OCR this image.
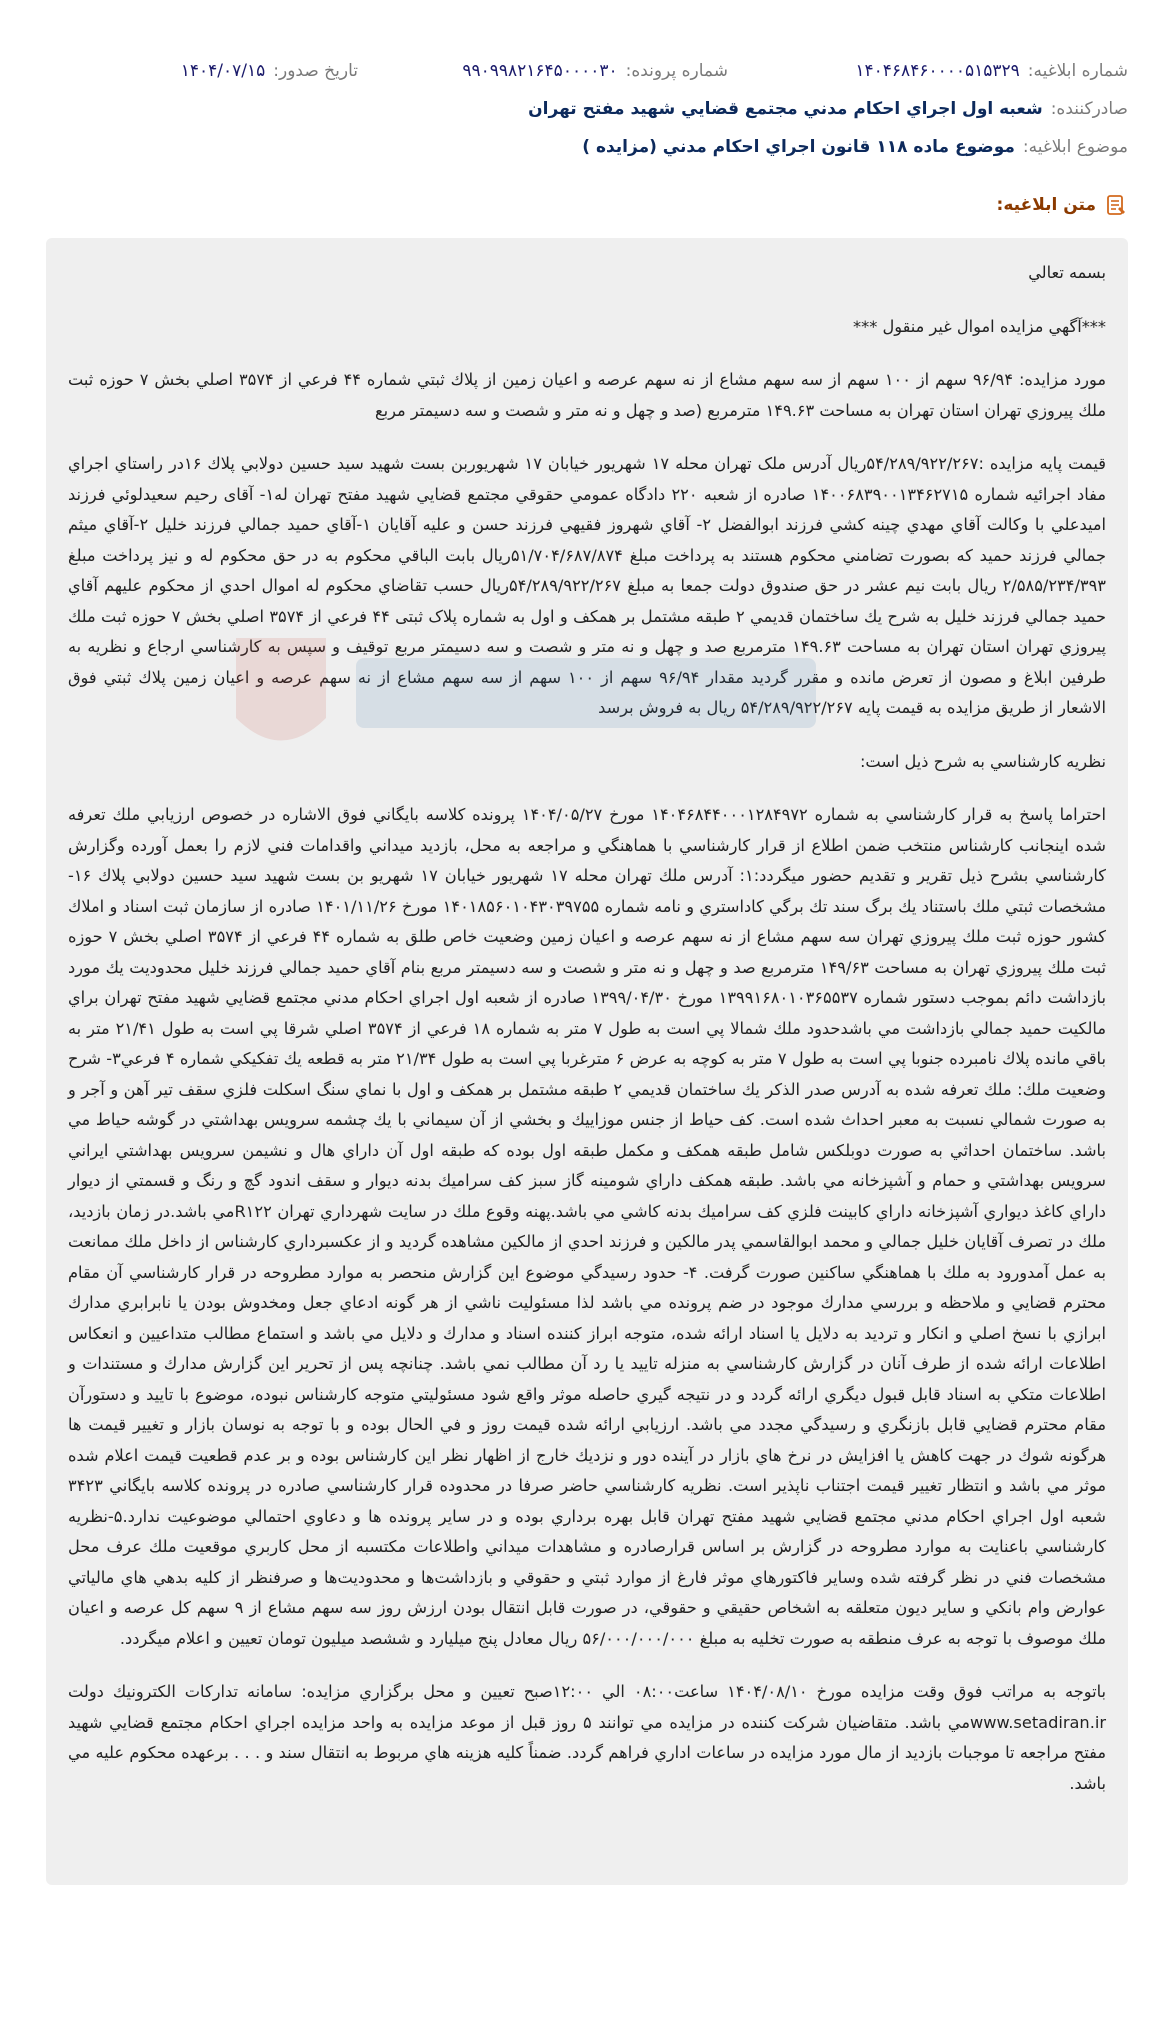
شماره ابلاغيه:
۱۴۰۴۶۸۴۶۰۰۰۰۵۱۵۳۲۹
شماره پرونده:
۹۹۰۹۹۸۲۱۶۴۵۰۰۰۰۳۰
تاريخ صدور:
۱۴۰۴/۰۷/۱۵
صادرکننده:
شعبه اول اجراي احكام مدني مجتمع قضايي شهيد مفتح تهران
موضوع ابلاغيه:
موضوع ماده ۱۱۸ قانون اجراي احكام مدني (مزايده )
متن ابلاغيه:

بسمه تعالي

***آگهي مزايده اموال غير منقول ***

مورد مزايده: ۹۶/۹۴ سهم از ۱۰۰ سهم از سه سهم مشاع از نه سهم عرصه و اعيان زمين از پلاك ثبتي شماره ۴۴ فرعي از ۳۵۷۴ اصلي بخش ۷ حوزه ثبت ملك پيروزي تهران استان تهران به مساحت ۱۴۹.۶۳ مترمربع (صد و چهل و نه متر و شصت و سه دسيمتر مربع

قيمت پايه مزايده :۵۴/۲۸۹/۹۲۲/۲۶۷ريال آدرس ملک تهران محله ۱۷ شهريور خيابان ۱۷ شهريوربن بست شهيد سيد حسين دولابي پلاك ۱۶در راستاي اجراي مفاد اجرائيه شماره ۱۴۰۰۶۸۳۹۰۰۱۳۴۶۲۷۱۵ صادره از شعبه ۲۲۰ دادگاه عمومي حقوقي مجتمع قضايي شهيد مفتح تهران له۱- آقای رحيم سعيدلوئي فرزند اميدعلي با وكالت آقاي مهدي چينه كشي فرزند ابوالفضل ۲- آقاي شهروز فقيهي فرزند حسن و عليه آقايان ۱-آقاي حميد جمالي فرزند خليل ۲-آقاي ميثم جمالي فرزند حميد كه بصورت تضامني محكوم هستند به پرداخت مبلغ ۵۱/۷۰۴/۶۸۷/۸۷۴ريال بابت الباقي محكوم به در حق محكوم له و نيز پرداخت مبلغ ۲/۵۸۵/۲۳۴/۳۹۳ ريال بابت نيم عشر در حق صندوق دولت جمعا به مبلغ ۵۴/۲۸۹/۹۲۲/۲۶۷ريال حسب تقاضاي محكوم له اموال احدي از محكوم عليهم آقاي حميد جمالي فرزند خليل به شرح يك ساختمان قديمي ۲ طبقه مشتمل بر همكف و اول به شماره پلاک ثبتی ۴۴ فرعي از ۳۵۷۴ اصلي بخش ۷ حوزه ثبت ملك پيروزي تهران استان تهران به مساحت ۱۴۹.۶۳ مترمربع صد و چهل و نه متر و شصت و سه دسيمتر مربع توقيف و سپس به كارشناسي ارجاع و نظريه به طرفين ابلاغ و مصون از تعرض مانده و مقرر گرديد مقدار ۹۶/۹۴ سهم از ۱۰۰ سهم از سه سهم مشاع از نه سهم عرصه و اعيان زمين پلاك ثبتي فوق الاشعار از طريق مزايده به قيمت پايه ۵۴/۲۸۹/۹۲۲/۲۶۷ ريال به فروش برسد

نظريه كارشناسي به شرح ذيل است:

احتراما پاسخ به قرار كارشناسي به شماره ۱۴۰۴۶۸۴۴۰۰۰۱۲۸۴۹۷۲ مورخ ۱۴۰۴/۰۵/۲۷ پرونده كلاسه بايگاني فوق الاشاره در خصوص ارزيابي ملك تعرفه شده اينجانب كارشناس منتخب ضمن اطلاع از قرار كارشناسي با هماهنگي و مراجعه به محل، بازديد ميداني واقدامات فني لازم را بعمل آورده وگزارش كارشناسي بشرح ذيل تقرير و تقديم حضور ميگردد:۱: آدرس ملك تهران محله ۱۷ شهريور خيابان ۱۷ شهريو بن بست شهيد سيد حسين دولابي پلاك ۱۶- مشخصات ثبتي ملك باستناد يك برگ سند تك برگي كاداستري و نامه شماره ۱۴۰۱۸۵۶۰۱۰۴۳۰۳۹۷۵۵ مورخ ۱۴۰۱/۱۱/۲۶ صادره از سازمان ثبت اسناد و املاك كشور حوزه ثبت ملك پيروزي تهران سه سهم مشاع از نه سهم عرصه و اعيان زمين وضعيت خاص طلق به شماره ۴۴ فرعي از ۳۵۷۴ اصلي بخش ۷ حوزه ثبت ملك پيروزي تهران به مساحت ۱۴۹/۶۳ مترمربع صد و چهل و نه متر و شصت و سه دسيمتر مربع بنام آقاي حميد جمالي فرزند خليل محدوديت يك مورد بازداشت دائم بموجب دستور شماره ۱۳۹۹۱۶۸۰۱۰۳۶۵۵۳۷ مورخ ۱۳۹۹/۰۴/۳۰ صادره از شعبه اول اجراي احكام مدني مجتمع قضايي شهيد مفتح تهران براي مالكيت حميد جمالي بازداشت مي باشدحدود ملك شمالا پي است به طول ۷ متر به شماره ۱۸ فرعي از ۳۵۷۴ اصلي شرقا پي است به طول ۲۱/۴۱ متر به باقي مانده پلاك نامبرده جنوبا پي است به طول ۷ متر به كوچه به عرض ۶ مترغربا پي است به طول ۲۱/۳۴ متر به قطعه يك تفكيكي شماره ۴ فرعي۳- شرح وضعيت ملك: ملك تعرفه شده به آدرس صدر الذكر يك ساختمان قديمي ۲ طبقه مشتمل بر همكف و اول با نماي سنگ اسكلت فلزي سقف تير آهن و آجر و به صورت شمالي نسبت به معبر احداث شده است. كف حياط از جنس موزاييك و بخشي از آن سيماني با يك چشمه سرويس بهداشتي در گوشه حياط مي باشد. ساختمان احداثي به صورت دوبلكس شامل طبقه همكف و مكمل طبقه اول بوده كه طبقه اول آن داراي هال و نشيمن سرويس بهداشتي ايراني سرويس بهداشتي و حمام و آشپزخانه مي باشد. طبقه همكف داراي شومينه گاز سبز كف سراميك بدنه ديوار و سقف اندود گچ و رنگ و قسمتي از ديوار داراي كاغذ ديواري آشپزخانه داراي كابينت فلزي كف سراميك بدنه كاشي مي باشد.پهنه وقوع ملك در سايت شهرداري تهران R۱۲۲مي باشد.در زمان بازديد، ملك در تصرف آقايان خليل جمالي و محمد ابوالقاسمي پدر مالكين و فرزند احدي از مالكين مشاهده گرديد و از عكسبرداري كارشناس از داخل ملك ممانعت به عمل آمدورود به ملك با هماهنگي ساكنين صورت گرفت. ۴- حدود رسيدگي موضوع اين گزارش منحصر به موارد مطروحه در قرار كارشناسي آن مقام محترم قضايي و ملاحظه و بررسي مدارك موجود در ضم پرونده مي باشد لذا مسئوليت ناشي از هر گونه ادعاي جعل ومخدوش بودن يا نابرابري مدارك ابرازي با نسخ اصلي و انكار و ترديد به دلايل يا اسناد ارائه شده، متوجه ابراز كننده اسناد و مدارك و دلايل مي باشد و استماع مطالب متداعيين و انعكاس اطلاعات ارائه شده از طرف آنان در گزارش كارشناسي به منزله تاييد يا رد آن مطالب نمي باشد. چنانچه پس از تحرير اين گزارش مدارك و مستندات و اطلاعات متكي به اسناد قابل قبول ديگري ارائه گردد و در نتيجه گيري حاصله موثر واقع شود مسئوليتي متوجه كارشناس نبوده، موضوع با تاييد و دستورآن مقام محترم قضايي قابل بازنگري و رسيدگي مجدد مي باشد. ارزيابي ارائه شده قيمت روز و في الحال بوده و با توجه به نوسان بازار و تغيير قيمت ها هرگونه شوك در جهت كاهش يا افزايش در نرخ هاي بازار در آينده دور و نزديك خارج از اظهار نظر اين كارشناس بوده و بر عدم قطعيت قيمت اعلام شده موثر مي باشد و انتظار تغيير قيمت اجتناب ناپذير است. نظريه كارشناسي حاضر صرفا در محدوده قرار كارشناسي صادره در پرونده كلاسه بايگاني ۳۴۲۳ شعبه اول اجراي احكام مدني مجتمع قضايي شهيد مفتح تهران قابل بهره برداري بوده و در ساير پرونده ها و دعاوي احتمالي موضوعيت ندارد.۵-نظريه كارشناسي باعنايت به موارد مطروحه در گزارش بر اساس قرارصادره و مشاهدات ميداني واطلاعات مكتسبه از محل كاربري موقعيت ملك عرف محل مشخصات فني در نظر گرفته شده وساير فاكتورهاي موثر فارغ از موارد ثبتي و حقوقي و بازداشت‌ها و محدوديت‌ها و صرفنظر از كليه بدهي هاي مالياتي عوارض وام بانكي و ساير ديون متعلقه به اشخاص حقيقي و حقوقي، در صورت قابل انتقال بودن ارزش روز سه سهم مشاع از ۹ سهم كل عرصه و اعيان ملك موصوف با توجه به عرف منطقه به صورت تخليه به مبلغ ۵۶/۰۰۰/۰۰۰/۰۰۰ ريال معادل پنج ميليارد و ششصد ميليون تومان تعيين و اعلام ميگردد.

باتوجه به مراتب فوق وقت مزايده مورخ ۱۴۰۴/۰۸/۱۰ ساعت۰۸:۰۰ الي ۱۲:۰۰صبح تعيين و محل برگزاري مزايده: سامانه تداركات الكترونيك دولت www.setadiran.irمي باشد. متقاضيان شركت كننده در مزايده مي توانند ۵ روز قبل از موعد مزايده به واحد مزايده اجراي احكام مجتمع قضايي شهيد مفتح مراجعه تا موجبات بازديد از مال مورد مزايده در ساعات اداري فراهم گردد. ضمناً كليه هزينه هاي مربوط به انتقال سند و . . . برعهده محكوم عليه مي باشد.
